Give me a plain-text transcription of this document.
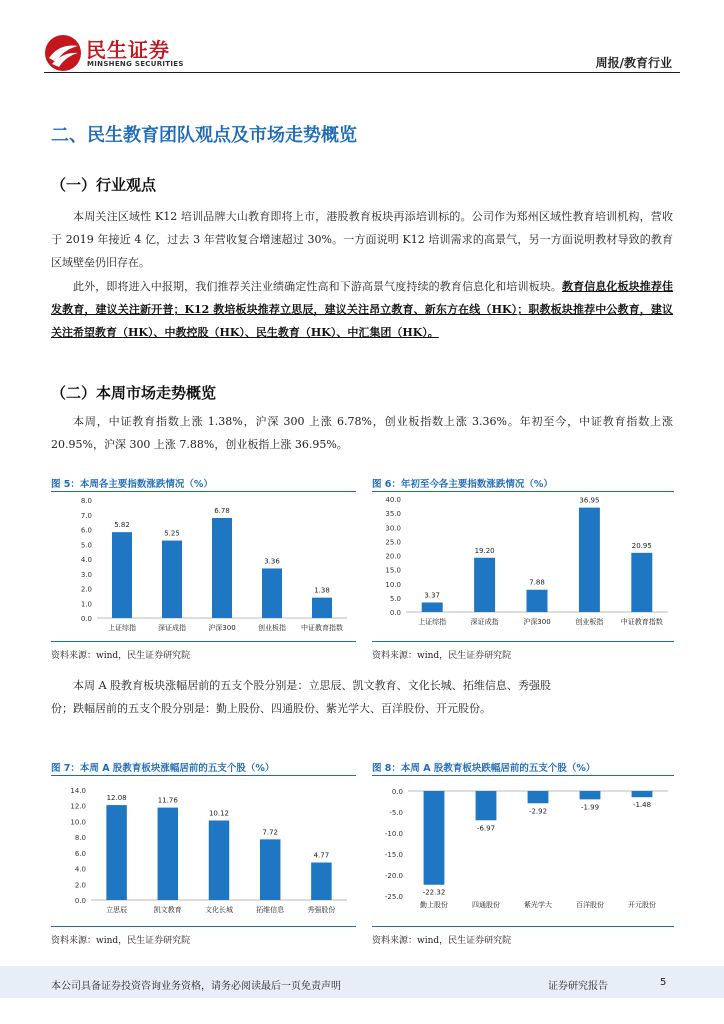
民生证券
MINSHENG SECURITIES	周报/教育行业
二、民生教育团队观点及市场走势概览
（一）行业观点

本周关注区域性 K12 培训品牌大山教育即将上市，港股教育板块再添培训标的。公司作为郑州区域性教育培训机构，营收于 2019 年接近 4 亿，过去 3 年营收复合增速超过 30%。一方面说明 K12 培训需求的高景气，另一方面说明教材导致的教育区域壁垒仍旧存在。

此外，即将进入中报期，我们推荐关注业绩确定性高和下游高景气度持续的教育信息化和培训板块。教育信息化板块推荐佳发教育，建议关注新开普；K12 教培板块推荐立思辰，建议关注昂立教育、新东方在线（HK）；职教板块推荐中公教育，建议关注希望教育（HK）、中教控股（HK）、民生教育（HK）、中汇集团（HK）。

（二）本周市场走势概览

本周，中证教育指数上涨 1.38%，沪深 300 上涨 6.78%，创业板指数上涨 3.36%。年初至今，中证教育指数上涨 20.95%，沪深 300 上涨 7.88%，创业板指上涨 36.95%。

图 5：本周各主要指数涨跌情况（%）
0.0
1.0
2.0
3.0
4.0
5.0
6.0
7.0
8.0
5.82
上证综指
5.25
深证成指
6.78
沪深300
3.36
创业板指
1.38
中证教育指数
资料来源：wind，民生证券研究院
图 6：年初至今各主要指数涨跌情况（%）
0.0
5.0
10.0
15.0
20.0
25.0
30.0
35.0
40.0
3.37
上证综指
19.20
深证成指
7.88
沪深300
36.95
创业板指
20.95
中证教育指数
资料来源：wind，民生证券研究院

本周 A 股教育板块涨幅居前的五支个股分别是：立思辰、凯文教育、文化长城、拓维信息、秀强股份；跌幅居前的五支个股分别是：勤上股份、四通股份、紫光学大、百洋股份、开元股份。

图 7：本周 A 股教育板块涨幅居前的五支个股（%）
0.0
2.0
4.0
6.0
8.0
10.0
12.0
14.0
12.08
立思辰
11.76
凯文教育
10.12
文化长城
7.72
拓维信息
4.77
秀强股份
资料来源：wind，民生证券研究院
图 8：本周 A 股教育板块跌幅居前的五支个股（%）
-25.0
-20.0
-15.0
-10.0
-5.0
0.0
-22.32
勤上股份
-6.97
四通股份
-2.92
紫光学大
-1.99
百洋股份
-1.48
开元股份
资料来源：wind，民生证券研究院
本公司具备证券投资咨询业务资格，请务必阅读最后一页免责声明	证券研究报告	5
